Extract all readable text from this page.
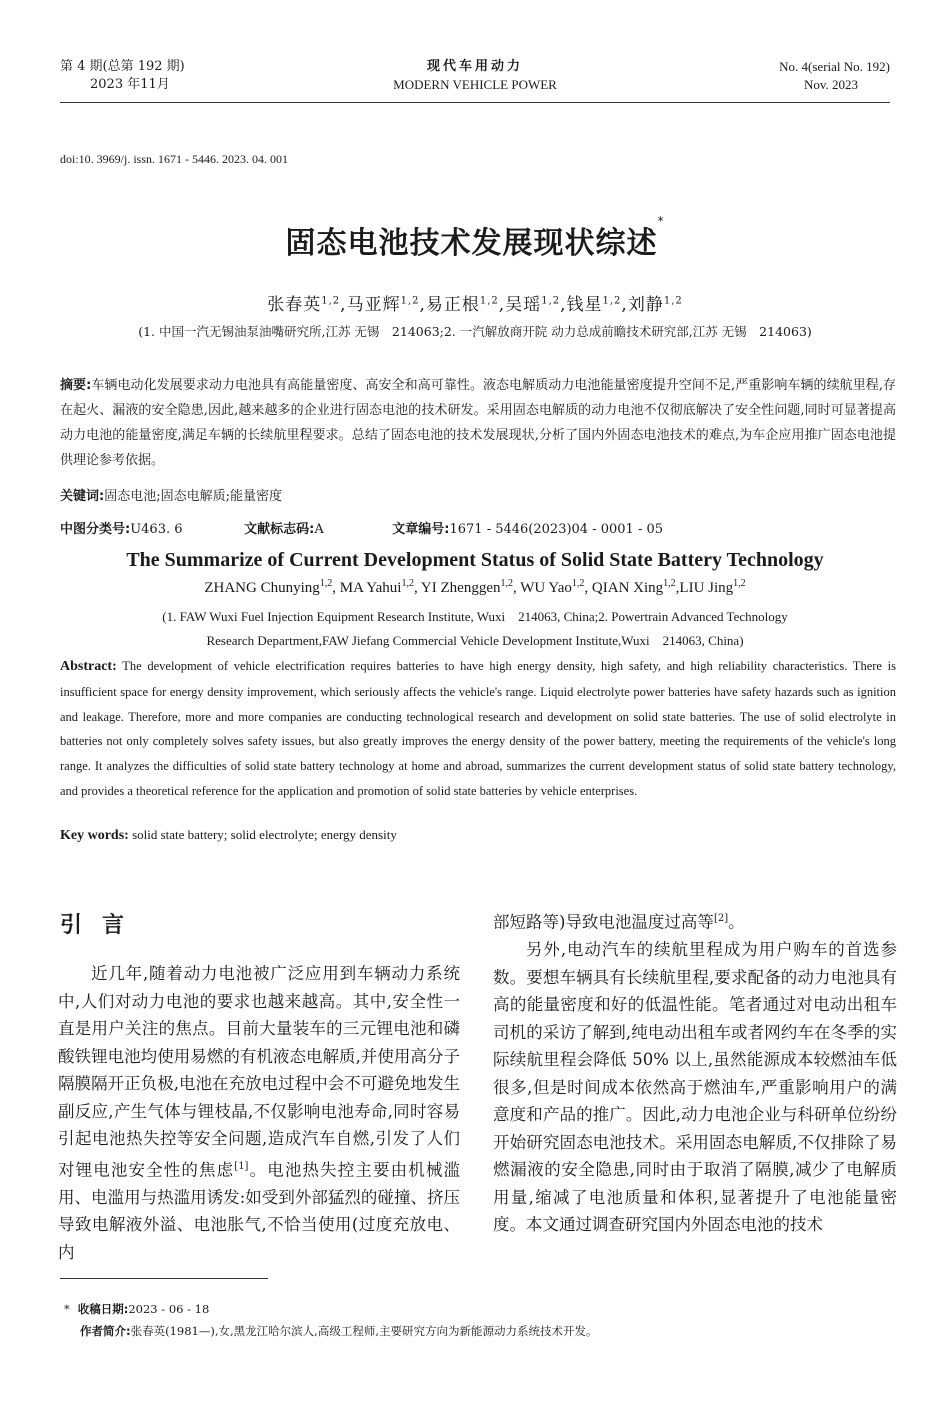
第 4 期(总第 192 期)
2023 年11月
现代车用动力
MODERN VEHICLE POWER
No. 4(serial No. 192)
Nov. 2023
doi:10. 3969/j. issn. 1671 - 5446. 2023. 04. 001
固态电池技术发展现状综述*
张春英$^{1,2}$,马亚辉$^{1,2}$,易正根$^{1,2}$,吴瑶$^{1,2}$,钱星$^{1,2}$,刘静$^{1,2}$
(1. 中国一汽无锡油泵油嘴研究所,江苏 无锡　214063;2. 一汽解放商开院 动力总成前瞻技术研究部,江苏 无锡　214063)
摘要:车辆电动化发展要求动力电池具有高能量密度、高安全和高可靠性。液态电解质动力电池能量密度提升空间不足,严重影响车辆的续航里程,存在起火、漏液的安全隐患,因此,越来越多的企业进行固态电池的技术研发。采用固态电解质的动力电池不仅彻底解决了安全性问题,同时可显著提高动力电池的能量密度,满足车辆的长续航里程要求。总结了固态电池的技术发展现状,分析了国内外固态电池技术的难点,为车企应用推广固态电池提供理论参考依据。
关键词:固态电池;固态电解质;能量密度
中图分类号:U463. 6	文献标志码:A	文章编号:1671 - 5446(2023)04 - 0001 - 05
The Summarize of Current Development Status of Solid State Battery Technology
ZHANG Chunying$^{1,2}$, MA Yahui$^{1,2}$, YI Zhenggen$^{1,2}$, WU Yao$^{1,2}$, QIAN Xing$^{1,2}$,LIU Jing$^{1,2}$
(1. FAW Wuxi Fuel Injection Equipment Research Institute, Wuxi　214063, China;2. Powertrain Advanced Technology
Research Department,FAW Jiefang Commercial Vehicle Development Institute,Wuxi　214063, China)
Abstract: The development of vehicle electrification requires batteries to have high energy density, high safety, and high reliability characteristics. There is insufficient space for energy density improvement, which seriously affects the vehicle's range. Liquid electrolyte power batteries have safety hazards such as ignition and leakage. Therefore, more and more companies are conducting technological research and development on solid state batteries. The use of solid electrolyte in batteries not only completely solves safety issues, but also greatly improves the energy density of the power battery, meeting the requirements of the vehicle's long range. It analyzes the difficulties of solid state battery technology at home and abroad, summarizes the current development status of solid state battery technology, and provides a theoretical reference for the application and promotion of solid state batteries by vehicle enterprises.
Key words: solid state battery; solid electrolyte; energy density
引言

近几年,随着动力电池被广泛应用到车辆动力系统中,人们对动力电池的要求也越来越高。其中,安全性一直是用户关注的焦点。目前大量装车的三元锂电池和磷酸铁锂电池均使用易燃的有机液态电解质,并使用高分子隔膜隔开正负极,电池在充放电过程中会不可避免地发生副反应,产生气体与锂枝晶,不仅影响电池寿命,同时容易引起电池热失控等安全问题,造成汽车自燃,引发了人们对锂电池安全性的焦虑[1]。电池热失控主要由机械滥用、电滥用与热滥用诱发:如受到外部猛烈的碰撞、挤压导致电解液外溢、电池胀气,不恰当使用(过度充放电、内

部短路等)导致电池温度过高等[2]。

另外,电动汽车的续航里程成为用户购车的首选参数。要想车辆具有长续航里程,要求配备的动力电池具有高的能量密度和好的低温性能。笔者通过对电动出租车司机的采访了解到,纯电动出租车或者网约车在冬季的实际续航里程会降低 50% 以上,虽然能源成本较燃油车低很多,但是时间成本依然高于燃油车,严重影响用户的满意度和产品的推广。因此,动力电池企业与科研单位纷纷开始研究固态电池技术。采用固态电解质,不仅排除了易燃漏液的安全隐患,同时由于取消了隔膜,减少了电解质用量,缩减了电池质量和体积,显著提升了电池能量密度。本文通过调查研究国内外固态电池的技术

* 收稿日期:2023 - 06 - 18
作者简介:张春英(1981—),女,黑龙江哈尔滨人,高级工程师,主要研究方向为新能源动力系统技术开发。
